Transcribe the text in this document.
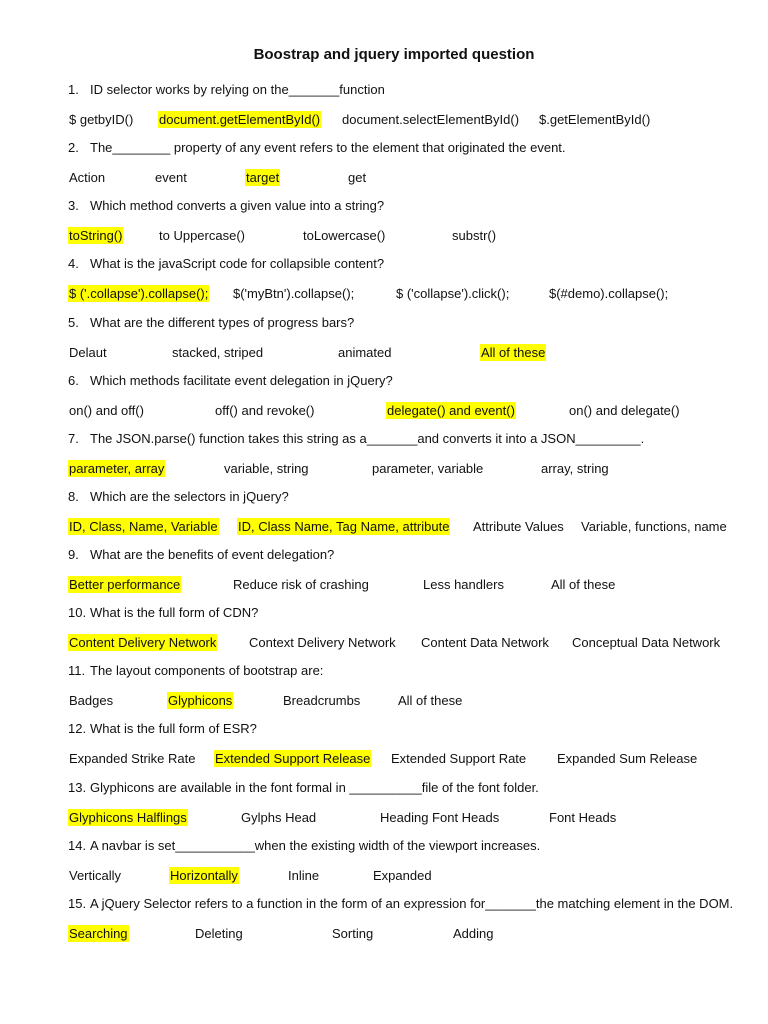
Boostrap and jquery imported question
1. ID selector works by relying on the_______function
$ getbyID() document.getElementById() document.selectElementById() $.getElementById()
2. The________ property of any event refers to the element that originated the event.
Action	event	target	get
3. Which method converts a given value into a string?
toString()	to Uppercase()	toLowercase()	substr()
4. What is the javaScript code for collapsible content?
$ ('.collapse').collapse(); $('myBtn').collapse();	$ ('collapse').click();	$(#demo).collapse();
5. What are the different types of progress bars?
Delaut	stacked, striped	animated	All of these
6. Which methods facilitate event delegation in jQuery?
on() and off()	off() and revoke()	delegate() and event()	on() and delegate()
7. The JSON.parse() function takes this string as a_______and converts it into a JSON_________.
parameter, array	variable, string	parameter, variable	array, string
8. Which are the selectors in jQuery?
ID, Class, Name, Variable ID, Class Name, Tag Name, attribute Attribute Values Variable, functions, name
9. What are the benefits of event delegation?
Better performance	Reduce risk of crashing	Less handlers	All of these
10. What is the full form of CDN?
Content Delivery Network	Context Delivery Network Content Data Network Conceptual Data Network
11. The layout components of bootstrap are:
Badges	Glyphicons	Breadcrumbs	All of these
12. What is the full form of ESR?
Expanded Strike Rate Extended Support Release Extended Support Rate Expanded Sum Release
13. Glyphicons are available in the font formal in __________file of the font folder.
Glyphicons Halflings	Gylphs Head	Heading Font Heads	Font Heads
14. A navbar is set___________when the existing width of the viewport increases.
Vertically	Horizontally	Inline	Expanded
15. A jQuery Selector refers to a function in the form of an expression for_______the matching element in the DOM.
Searching	Deleting	Sorting	Adding
